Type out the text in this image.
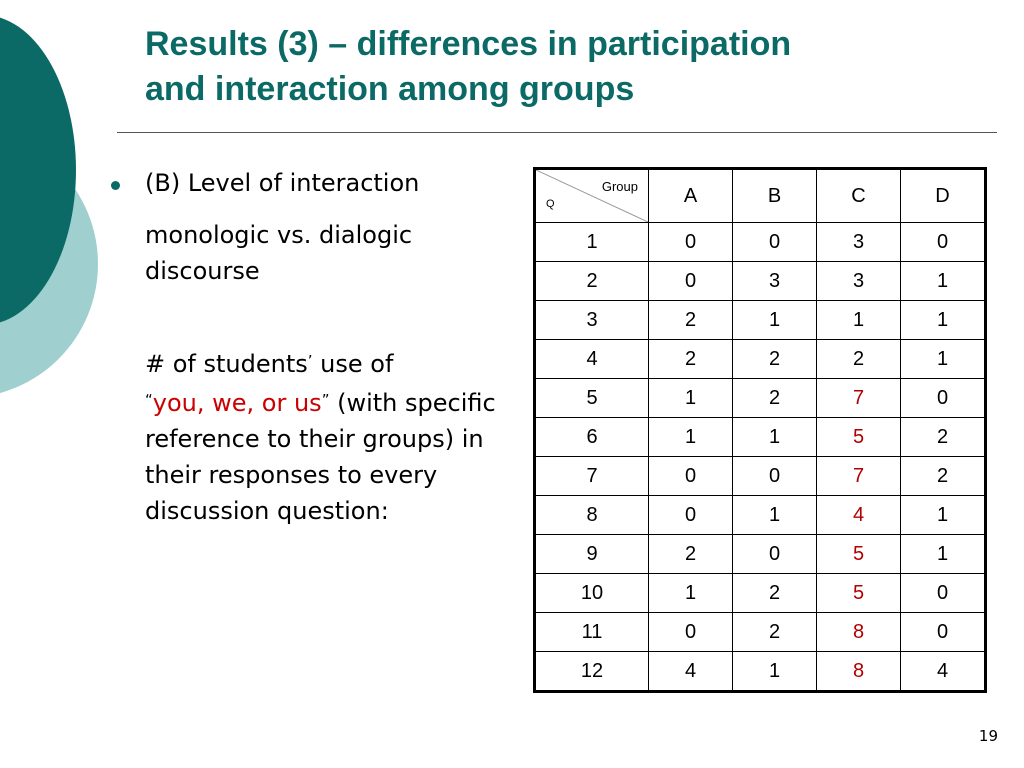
Results (3) – differences in participation
and interaction among groups
(B) Level of interaction
monologic vs. dialogic discourse
# of students’ use of
“you, we, or us” (with specific reference to their groups) in their responses to every discussion question:
Group
Q	A	B	C	D
1	0	0	3	0
2	0	3	3	1
3	2	1	1	1
4	2	2	2	1
5	1	2	7	0
6	1	1	5	2
7	0	0	7	2
8	0	1	4	1
9	2	0	5	1
10	1	2	5	0
11	0	2	8	0
12	4	1	8	4
19
